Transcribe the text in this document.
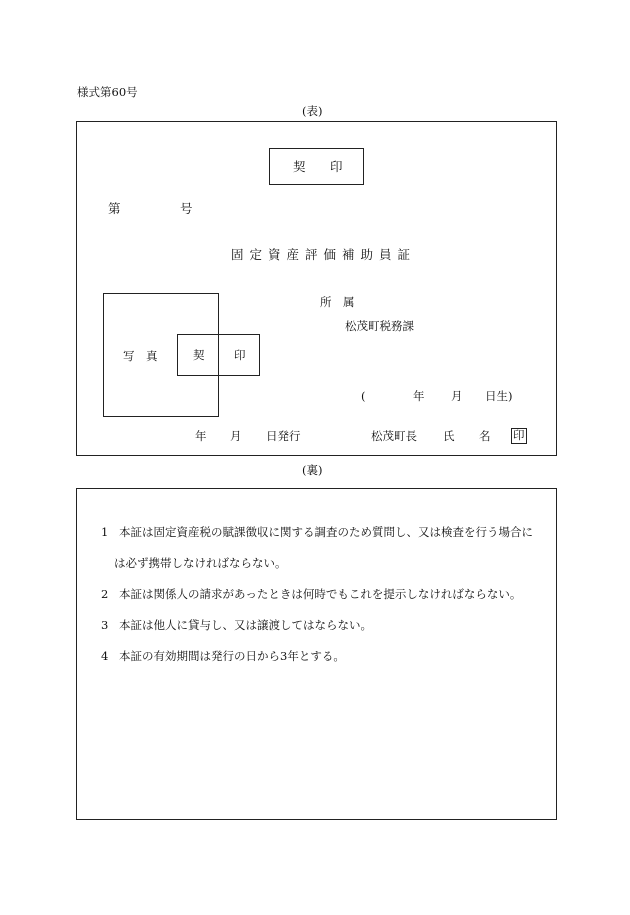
様式第60号
(表)
契 印
第	号
固定資産評価補助員証
所　属
松茂町税務課
写　真	契	印
(	年 月 日生)
年 月 日発行	松茂町長 氏 名 印
(裏)
1 本証は固定資産税の賦課徴収に関する調査のため質問し、又は検査を行う場合に
は必ず携帯しなければならない。
2 本証は関係人の請求があったときは何時でもこれを提示しなければならない。
3 本証は他人に貸与し、又は譲渡してはならない。
4 本証の有効期間は発行の日から3年とする。
